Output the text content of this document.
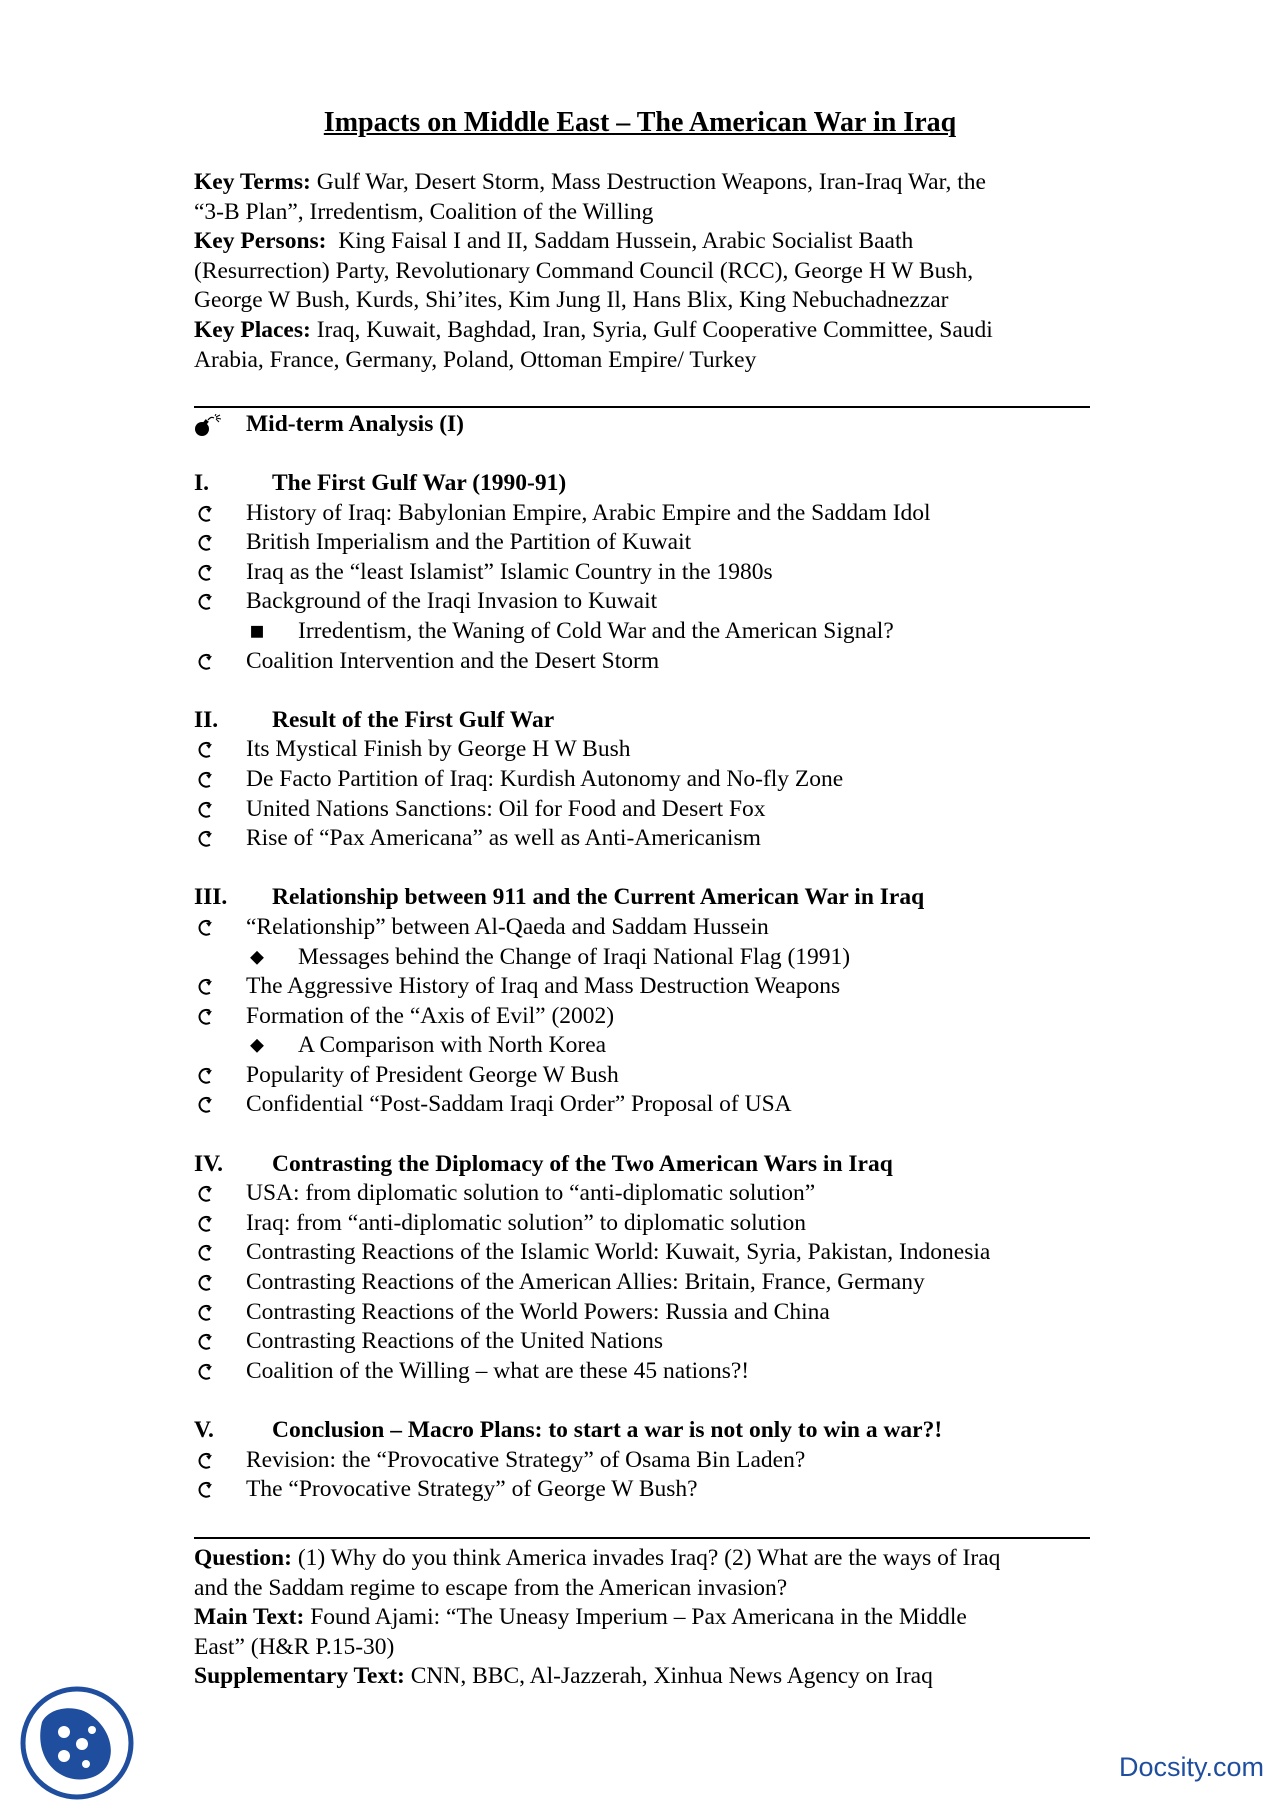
Impacts on Middle East – The American War in Iraq

Key Terms: Gulf War, Desert Storm, Mass Destruction Weapons, Iran-Iraq War, the
“3-B Plan”, Irredentism, Coalition of the Willing

Key Persons: King Faisal I and II, Saddam Hussein, Arabic Socialist Baath
(Resurrection) Party, Revolutionary Command Council (RCC), George H W Bush,
George W Bush, Kurds, Shi’ites, Kim Jung Il, Hans Blix, King Nebuchadnezzar

Key Places: Iraq, Kuwait, Baghdad, Iran, Syria, Gulf Cooperative Committee, Saudi
Arabia, France, Germany, Poland, Ottoman Empire/ Turkey

Mid-term Analysis (I)
I.	The First Gulf War (1990-91)
History of Iraq: Babylonian Empire, Arabic Empire and the Saddam Idol
British Imperialism and the Partition of Kuwait
Iraq as the “least Islamist” Islamic Country in the 1980s
Background of the Iraqi Invasion to Kuwait
Irredentism, the Waning of Cold War and the American Signal?
Coalition Intervention and the Desert Storm
II. Result of the First Gulf War
Its Mystical Finish by George H W Bush
De Facto Partition of Iraq: Kurdish Autonomy and No-fly Zone
United Nations Sanctions: Oil for Food and Desert Fox
Rise of “Pax Americana” as well as Anti-Americanism
III. Relationship between 911 and the Current American War in Iraq
“Relationship” between Al-Qaeda and Saddam Hussein
Messages behind the Change of Iraqi National Flag (1991)
The Aggressive History of Iraq and Mass Destruction Weapons
Formation of the “Axis of Evil” (2002)
A Comparison with North Korea
Popularity of President George W Bush
Confidential “Post-Saddam Iraqi Order” Proposal of USA
IV. Contrasting the Diplomacy of the Two American Wars in Iraq
USA: from diplomatic solution to “anti-diplomatic solution”
Iraq: from “anti-diplomatic solution” to diplomatic solution
Contrasting Reactions of the Islamic World: Kuwait, Syria, Pakistan, Indonesia
Contrasting Reactions of the American Allies: Britain, France, Germany
Contrasting Reactions of the World Powers: Russia and China
Contrasting Reactions of the United Nations
Coalition of the Willing – what are these 45 nations?!
V. Conclusion – Macro Plans: to start a war is not only to win a war?!
Revision: the “Provocative Strategy” of Osama Bin Laden?
The “Provocative Strategy” of George W Bush?

Question: (1) Why do you think America invades Iraq? (2) What are the ways of Iraq
and the Saddam regime to escape from the American invasion?

Main Text: Found Ajami: “The Uneasy Imperium – Pax Americana in the Middle
East” (H&R P.15-30)

Supplementary Text: CNN, BBC, Al-Jazzerah, Xinhua News Agency on Iraq

Docsity.com
